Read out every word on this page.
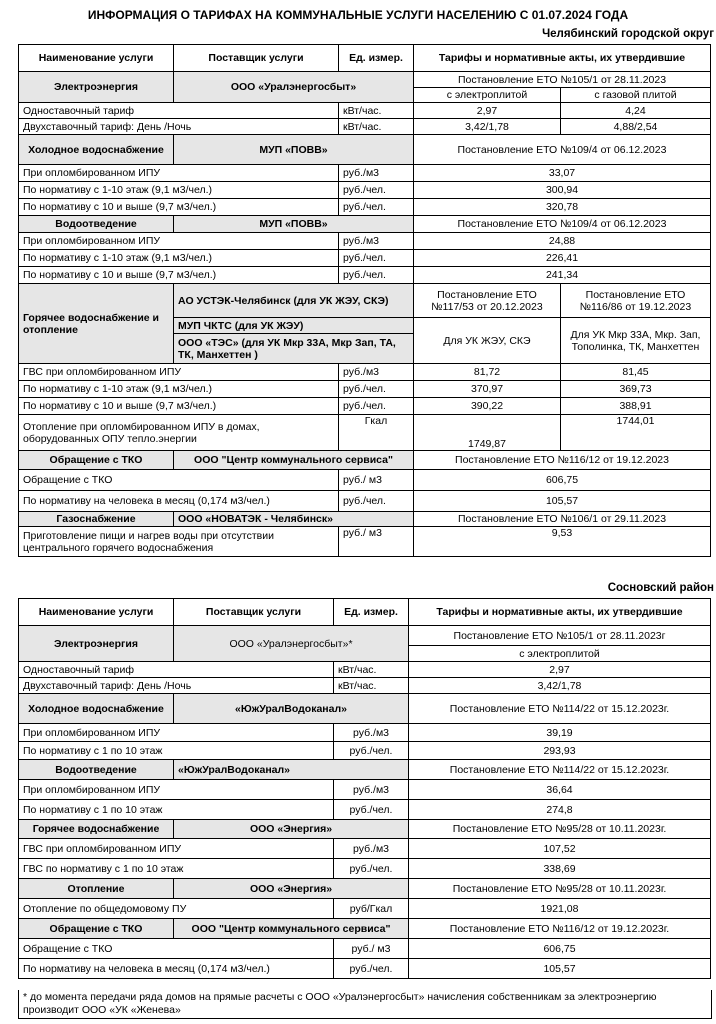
ИНФОРМАЦИЯ О ТАРИФАХ НА КОММУНАЛЬНЫЕ УСЛУГИ НАСЕЛЕНИЮ С 01.07.2024 ГОДА
Челябинский городской округ
Наименование услуги	Поставщик услуги	Ед. измер.	Тарифы и нормативные акты, их утвердившие	
Электроэнергия	ООО «Уралэнергосбыт»		Постановление ЕТО №105/1 от 28.11.2023	
			с электроплитой	с газовой плитой
Одноставочный тариф		кВт/час.	2,97	4,24
Двухставочный тариф: День /Ночь		кВт/час.	3,42/1,78	4,88/2,54
Холодное водоснабжение	МУП «ПОВВ»		Постановление ЕТО №109/4 от 06.12.2023	
При опломбированном ИПУ		руб./м3	33,07	
По нормативу с 1-10 этаж (9,1 м3/чел.)		руб./чел.	300,94	
По нормативу с 10 и выше (9,7 м3/чел.)		руб./чел.	320,78	
Водоотведение	МУП «ПОВВ»		Постановление ЕТО №109/4 от 06.12.2023	
При опломбированном ИПУ		руб./м3	24,88	
По нормативу с 1-10 этаж (9,1 м3/чел.)		руб./чел.	226,41	
По нормативу с 10 и выше (9,7 м3/чел.)		руб./чел.	241,34	
Горячее водоснабжение и отопление	АО УСТЭК-Челябинск (для УК ЖЭУ, СКЭ)		Постановление ЕТО №117/53 от 20.12.2023	Постановление ЕТО №116/86 от 19.12.2023
	МУП ЧКТС (для УК ЖЭУ)		Для УК ЖЭУ, СКЭ	Для УК Мкр 33А, Мкр. Зап, Тополинка, ТК, Манхеттен
	ООО «ТЭС» (для УК Мкр 33А, Мкр Зап, ТА, ТК, Манхеттен )			
ГВС при опломбированном ИПУ		руб./м3	81,72	81,45
По нормативу с 1-10 этаж (9,1 м3/чел.)		руб./чел.	370,97	369,73
По нормативу с 10 и выше (9,7 м3/чел.)		руб./чел.	390,22	388,91
Отопление при опломбированном ИПУ в домах, оборудованных ОПУ тепло.энергии		Гкал	1749,87	1744,01
Обращение с ТКО	ООО "Центр коммунального сервиса"		Постановление ЕТО №116/12 от 19.12.2023	
Обращение с ТКО		руб./ м3	606,75	
По нормативу на человека в месяц (0,174 м3/чел.)		руб./чел.	105,57	
Газоснабжение	ООО «НОВАТЭК - Челябинск»		Постановление ЕТО №106/1 от 29.11.2023	
Приготовление пищи и нагрев воды при отсутствии центрального горячего водоснабжения		руб./ м3	9,53	
Сосновский район
Наименование услуги	Поставщик услуги	Ед. измер.	Тарифы и нормативные акты, их утвердившие
Электроэнергия	ООО «Уралэнергосбыт»*		Постановление ЕТО №105/1 от 28.11.2023г
			с электроплитой
Одноставочный тариф		кВт/час.	2,97
Двухставочный тариф: День /Ночь		кВт/час.	3,42/1,78
Холодное водоснабжение	«ЮжУралВодоканал»		Постановление ЕТО №114/22 от 15.12.2023г.
При опломбированном ИПУ		руб./м3	39,19
По нормативу с 1 по 10 этаж		руб./чел.	293,93
Водоотведение	«ЮжУралВодоканал»		Постановление ЕТО №114/22 от 15.12.2023г.
При опломбированном ИПУ		руб./м3	36,64
По нормативу с 1 по 10 этаж		руб./чел.	274,8
Горячее водоснабжение	ООО «Энергия»		Постановление ЕТО №95/28 от 10.11.2023г.
ГВС при опломбированном ИПУ		руб./м3	107,52
ГВС по нормативу с 1 по 10 этаж		руб./чел.	338,69
Отопление	ООО «Энергия»		Постановление ЕТО №95/28 от 10.11.2023г.
Отопление по общедомовому ПУ		руб/Гкал	1921,08
Обращение с ТКО	ООО "Центр коммунального сервиса"		Постановление ЕТО №116/12 от 19.12.2023г.
Обращение с ТКО		руб./ м3	606,75
По нормативу на человека в месяц (0,174 м3/чел.)		руб./чел.	105,57
* до момента передачи ряда домов на прямые расчеты с ООО «Уралэнергосбыт» начисления собственникам за электроэнергию производит ООО «УК «Женева»
